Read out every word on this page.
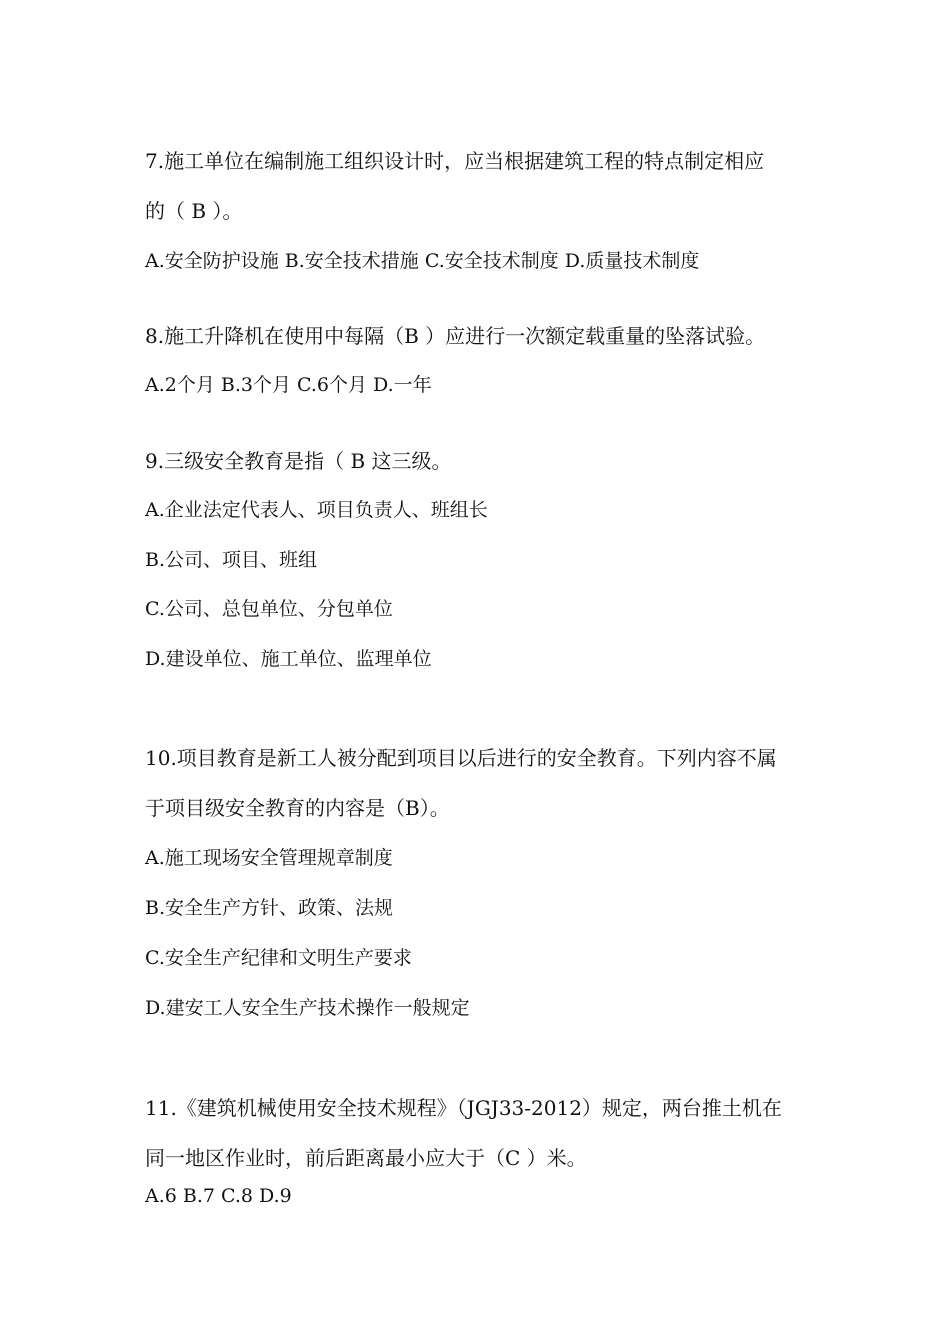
7.施工单位在编制施工组织设计时，应当根据建筑工程的特点制定相应
的（ B ）。
A.安全防护设施 B.安全技术措施 C.安全技术制度 D.质量技术制度
8.施工升降机在使用中每隔（B ）应进行一次额定载重量的坠落试验。
A.2个月 B.3个月 C.6个月 D.一年
9.三级安全教育是指（ B 这三级。
A.企业法定代表人、项目负责人、班组长
B.公司、项目、班组
C.公司、总包单位、分包单位
D.建设单位、施工单位、监理单位
10.项目教育是新工人被分配到项目以后进行的安全教育。下列内容不属
于项目级安全教育的内容是（B）。
A.施工现场安全管理规章制度
B.安全生产方针、政策、法规
C.安全生产纪律和文明生产要求
D.建安工人安全生产技术操作一般规定
11.《建筑机械使用安全技术规程》（JGJ33-2012）规定，两台推土机在
同一地区作业时，前后距离最小应大于（C ）米。
A.6 B.7 C.8 D.9
